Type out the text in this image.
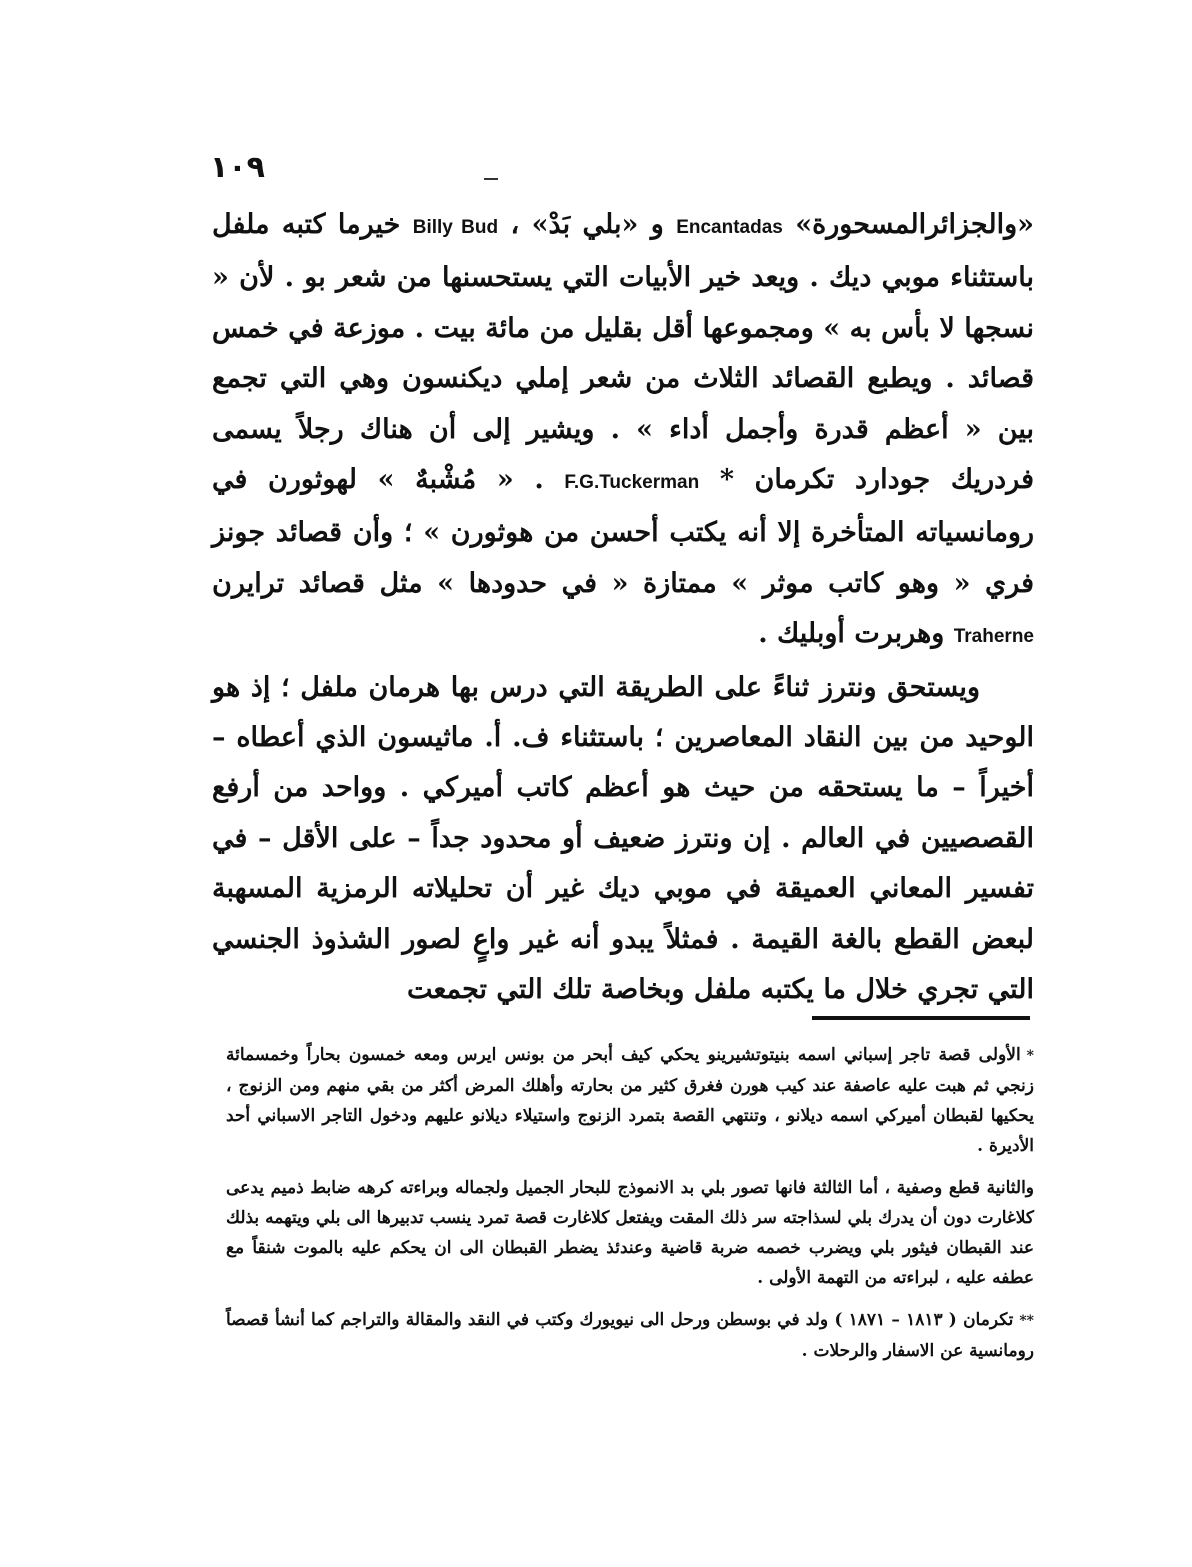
١٠٩

«والجزائرالمسحورة» Encantadas و «بلي بَدْ» ، Billy Bud خيرما كتبه ملفل باستثناء موبي ديك . ويعد خير الأبيات التي يستحسنها من شعر بو . لأن « نسجها لا بأس به » ومجموعها أقل بقليل من مائة بيت . موزعة في خمس قصائد . ويطبع القصائد الثلاث من شعر إملي ديكنسون وهي التي تجمع بين « أعظم قدرة وأجمل أداء » . ويشير إلى أن هناك رجلاً يسمى فردريك جودارد تكرمان * F.G.Tuckerman . « مُشْبهٌ » لهوثورن في رومانسياته المتأخرة إلا أنه يكتب أحسن من هوثورن » ؛ وأن قصائد جونز فري « وهو كاتب موثر » ممتازة « في حدودها » مثل قصائد ترايرن Traherne وهربرت أوبليك .

ويستحق ونترز ثناءً على الطريقة التي درس بها هرمان ملفل ؛ إذ هو الوحيد من بين النقاد المعاصرين ؛ باستثناء ف. أ. ماثيسون الذي أعطاه – أخيراً – ما يستحقه من حيث هو أعظم كاتب أميركي . وواحد من أرفع القصصيين في العالم . إن ونترز ضعيف أو محدود جداً – على الأقل – في تفسير المعاني العميقة في موبي ديك غير أن تحليلاته الرمزية المسهبة لبعض القطع بالغة القيمة . فمثلاً يبدو أنه غير واعٍ لصور الشذوذ الجنسي التي تجري خلال ما يكتبه ملفل وبخاصة تلك التي تجمعت

*الأولى قصة تاجر إسباني اسمه بنيتوتشيرينو يحكي كيف أبحر من بونس ايرس ومعه خمسون بحاراً وخمسمائة زنجي ثم هبت عليه عاصفة عند كيب هورن فغرق كثير من بحارته وأهلك المرض أكثر من بقي منهم ومن الزنوج ، يحكيها لقبطان أميركي اسمه ديلانو ، وتنتهي القصة بتمرد الزنوج واستيلاء ديلانو عليهم ودخول التاجر الاسباني أحد الأديرة .

والثانية قطع وصفية ، أما الثالثة فانها تصور بلي بد الانموذج للبحار الجميل ولجماله وبراءته كرهه ضابط ذميم يدعى كلاغارت دون أن يدرك بلي لسذاجته سر ذلك المقت ويفتعل كلاغارت قصة تمرد ينسب تدبيرها الى بلي ويتهمه بذلك عند القبطان فيثور بلي ويضرب خصمه ضربة قاضية وعندئذ يضطر القبطان الى ان يحكم عليه بالموت شنقاً مع عطفه عليه ، لبراءته من التهمة الأولى .

**تكرمان ( ١٨١٣ – ١٨٧١ ) ولد في بوسطن ورحل الى نيويورك وكتب في النقد والمقالة والتراجم كما أنشأ قصصاً رومانسية عن الاسفار والرحلات .
